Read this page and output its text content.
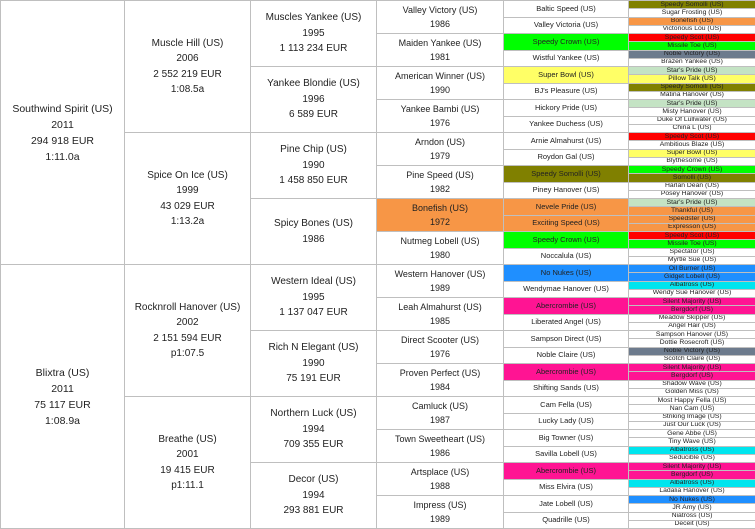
Southwind Spirit (US)
2011
294 918 EUR
1:11.0a
Blixtra (US)
2011
75 117 EUR
1:08.9a
Muscle Hill (US)
2006
2 552 219 EUR
1:08.5a
Spice On Ice (US)
1999
43 029 EUR
1:13.2a
Rocknroll Hanover (US)
2002
2 151 594 EUR
p1:07.5
Breathe (US)
2001
19 415 EUR
p1:11.1
Muscles Yankee (US)
1995
1 113 234 EUR
Yankee Blondie (US)
1996
6 589 EUR
Pine Chip (US)
1990
1 458 850 EUR
Spicy Bones (US)
1986
Western Ideal (US)
1995
1 137 047 EUR
Rich N Elegant (US)
1990
75 191 EUR
Northern Luck (US)
1994
709 355 EUR
Decor (US)
1994
293 881 EUR
Valley Victory (US)
1986
Maiden Yankee (US)
1981
American Winner (US)
1990
Yankee Bambi (US)
1976
Arndon (US)
1979
Pine Speed (US)
1982
Bonefish (US)
1972
Nutmeg Lobell (US)
1980
Western Hanover (US)
1989
Leah Almahurst (US)
1985
Direct Scooter (US)
1976
Proven Perfect (US)
1984
Camluck (US)
1987
Town Sweetheart (US)
1986
Artsplace (US)
1988
Impress (US)
1989
Baltic Speed (US)
Valley Victoria (US)
Speedy Crown (US)
Wistful Yankee (US)
Super Bowl (US)
BJ's Pleasure (US)
Hickory Pride (US)
Yankee Duchess (US)
Arnie Almahurst (US)
Roydon Gal (US)
Speedy Somolli (US)
Piney Hanover (US)
Nevele Pride (US)
Exciting Speed (US)
Speedy Crown (US)
Noccalula (US)
No Nukes (US)
Wendymae Hanover (US)
Abercrombie (US)
Liberated Angel (US)
Sampson Direct (US)
Noble Claire (US)
Abercrombie (US)
Shifting Sands (US)
Cam Fella (US)
Lucky Lady (US)
Big Towner (US)
Savilla Lobell (US)
Abercrombie (US)
Miss Elvira (US)
Jate Lobell (US)
Quadrille (US)
Speedy Somolli (US)
Sugar Frosting (US)
Bonefish (US)
Victorious Lou (US)
Speedy Scot (US)
Missile Toe (US)
Noble Victory (US)
Brazen Yankee (US)
Star's Pride (US)
Pillow Talk (US)
Speedy Somolli (US)
Matina Hanover (US)
Star's Pride (US)
Misty Hanover (US)
Duke Of Lullwater (US)
China L (US)
Speedy Scot (US)
Ambitious Blaze (US)
Super Bowl (US)
Blythesome (US)
Speedy Crown (US)
Somolli (US)
Harlan Dean (US)
Posey Hanover (US)
Star's Pride (US)
Thankful (US)
Speedster (US)
Expresson (US)
Speedy Scot (US)
Missile Toe (US)
Spectator (US)
Myrtle Sue (US)
Oil Burner (US)
Gidget Lobell (US)
Albatross (US)
Wendy Sue Hanover (US)
Silent Majority (US)
Bergdorf (US)
Meadow Skipper (US)
Angel Hair (US)
Sampson Hanover (US)
Dottie Rosecroft (US)
Noble Victory (US)
Scotch Claire (US)
Silent Majority (US)
Bergdorf (US)
Shadow Wave (US)
Golden Miss (US)
Most Happy Fella (US)
Nan Cam (US)
Striking Image (US)
Just Our Luck (US)
Gene Abbe (US)
Tiny Wave (US)
Albatross (US)
Seducible (US)
Silent Majority (US)
Bergdorf (US)
Albatross (US)
Ladalia Hanover (US)
No Nukes (US)
JR Amy (US)
Niatross (US)
Deceit (US)
